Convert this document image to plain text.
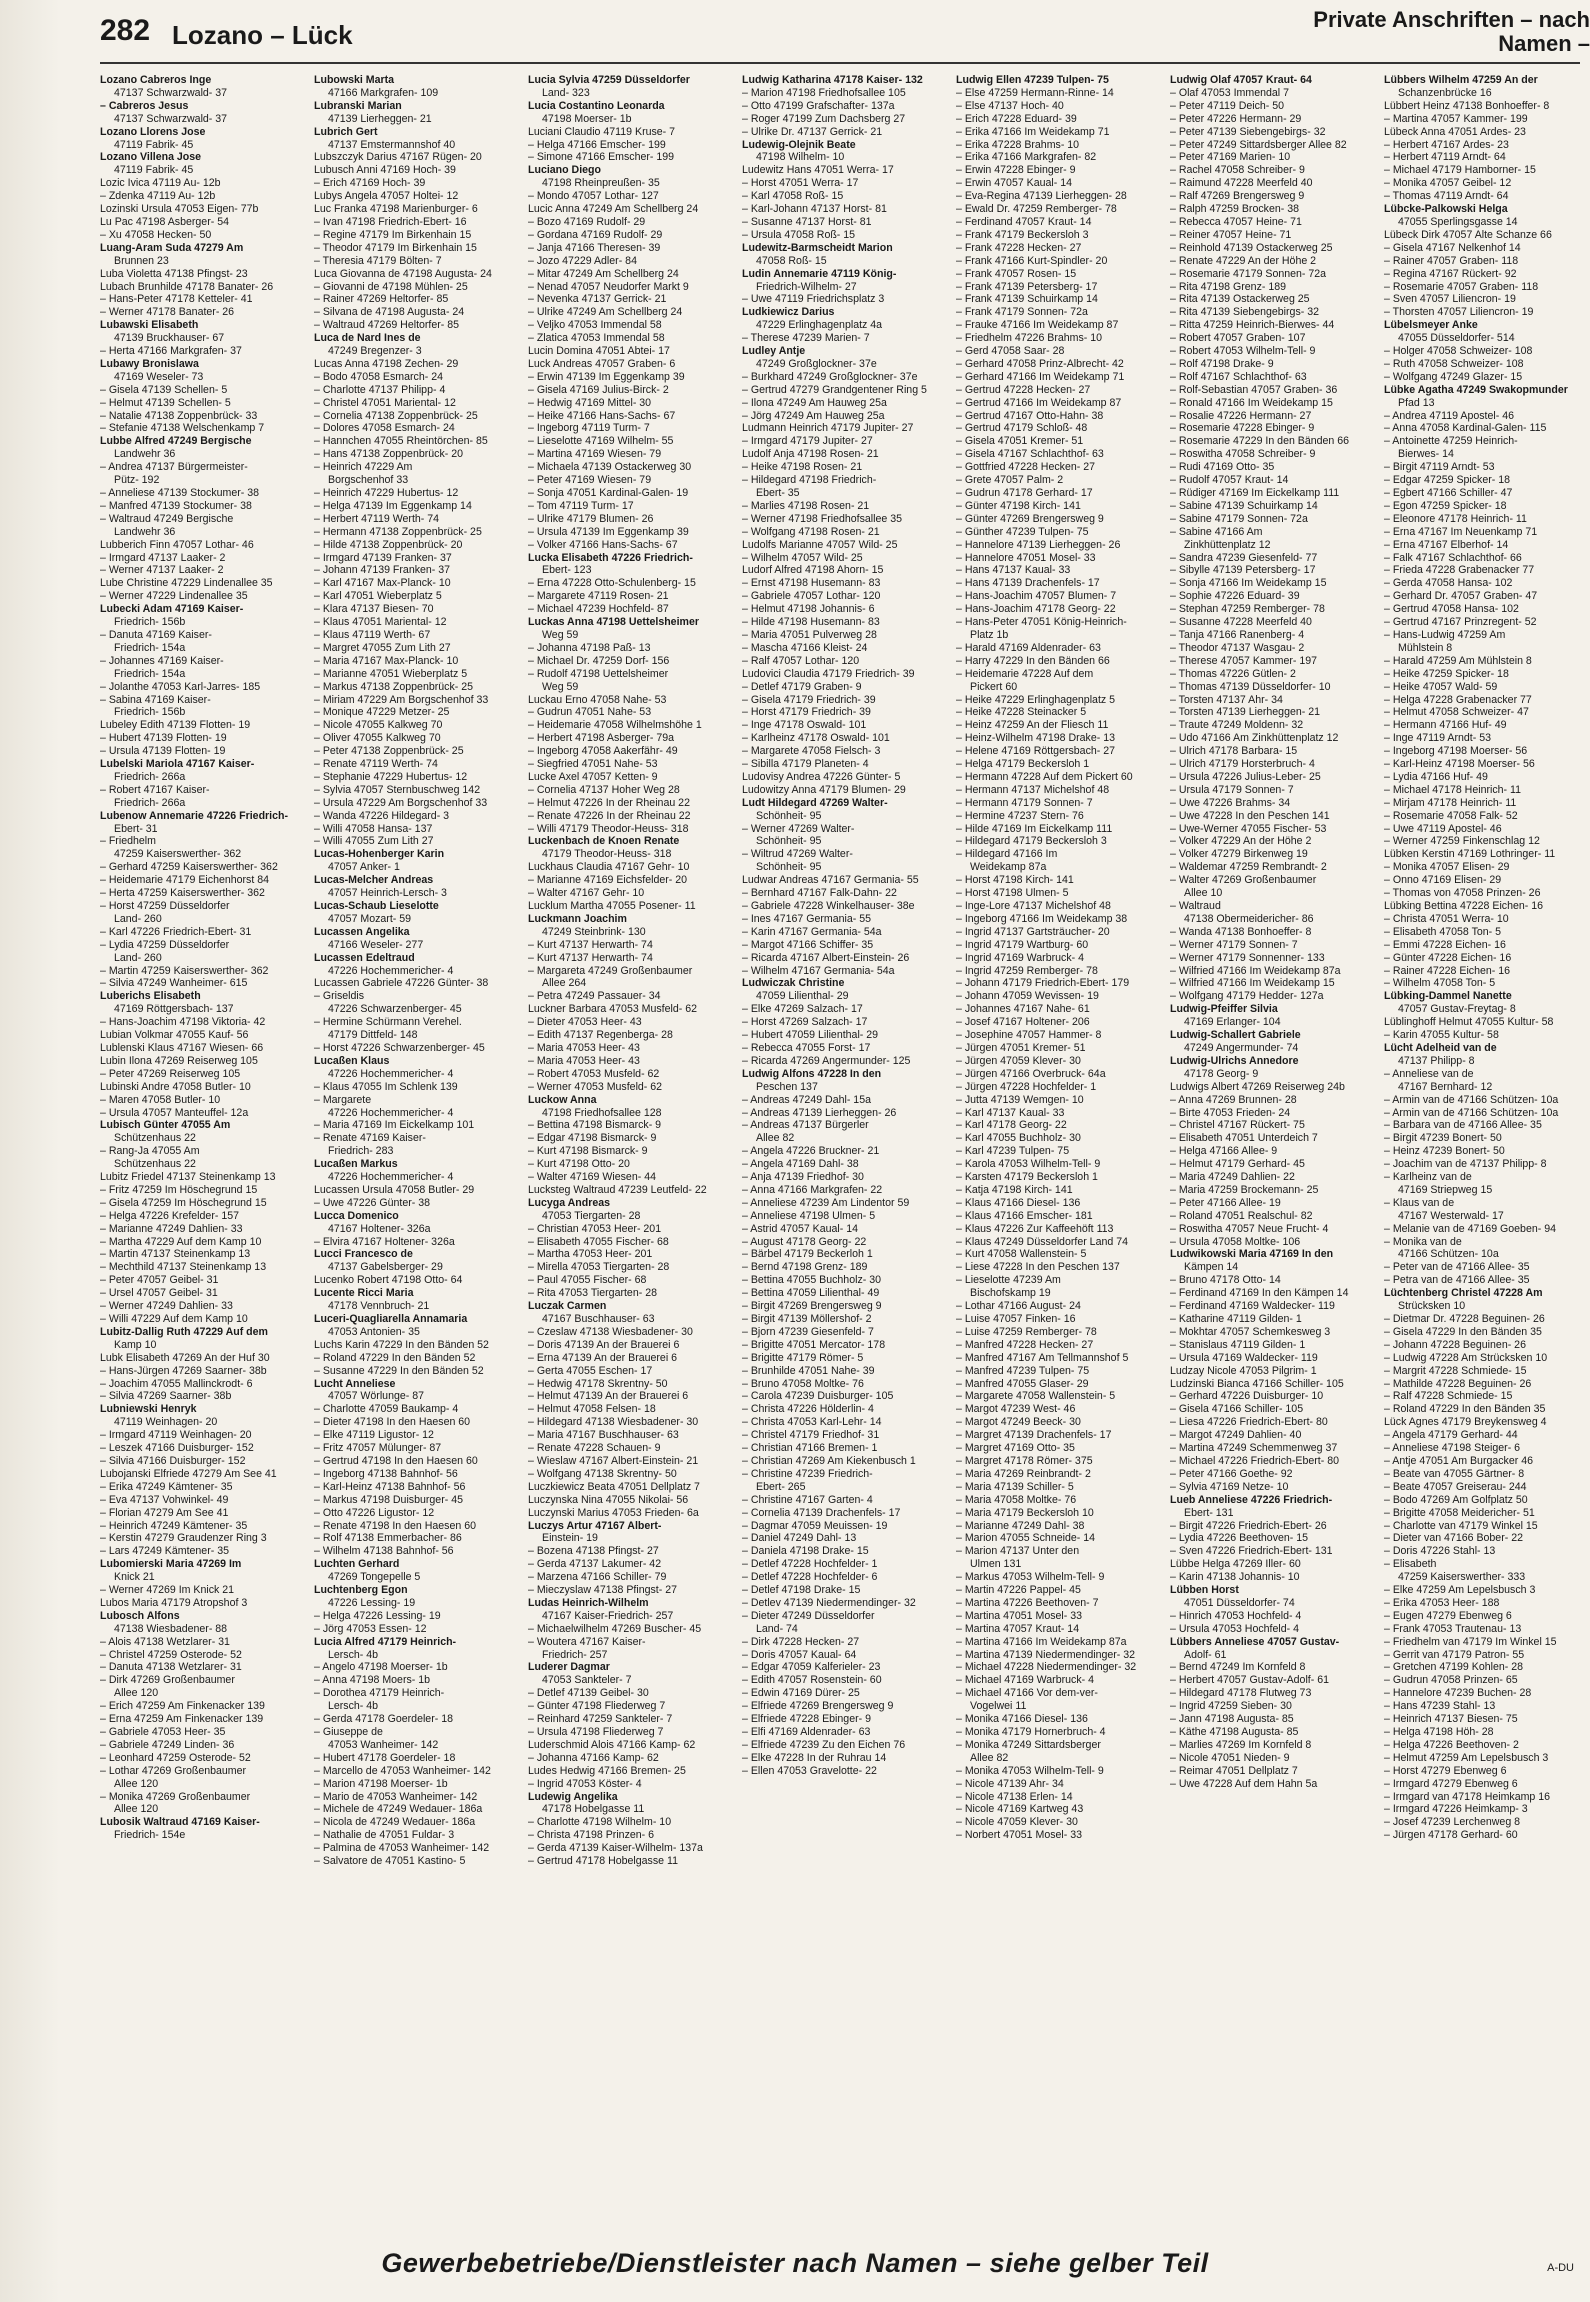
282 Lozano – Lück
Private Anschriften – nach Namen –
Lozano Cabreros Inge
47137 Schwarzwald- 37
– Cabreros Jesus
47137 Schwarzwald- 37
Lozano Llorens Jose
47119 Fabrik- 45
Lozano Villena Jose
47119 Fabrik- 45
Lozic Ivica 47119 Au- 12b
– Zdenka 47119 Au- 12b
Lozinski Ursula 47053 Eigen- 77b
Lu Pac 47198 Asberger- 54
– Xu 47058 Hecken- 50
Luang-Aram Suda 47279 Am
Brunnen 23
Luba Violetta 47138 Pfingst- 23
Lubach Brunhilde 47178 Banater- 26
– Hans-Peter 47178 Ketteler- 41
– Werner 47178 Banater- 26
Lubawski Elisabeth
47139 Bruckhauser- 67
– Herta 47166 Markgrafen- 37
Lubawy Bronislawa
47169 Weseler- 73
– Gisela 47139 Schellen- 5
– Helmut 47139 Schellen- 5
– Natalie 47138 Zoppenbrück- 33
– Stefanie 47138 Welschenkamp 7
Lubbe Alfred 47249 Bergische
Landwehr 36
– Andrea 47137 Bürgermeister-
Pütz- 192
– Anneliese 47139 Stockumer- 38
– Manfred 47139 Stockumer- 38
– Waltraud 47249 Bergische
Landwehr 36
Lubberich Finn 47057 Lothar- 46
– Irmgard 47137 Laaker- 2
– Werner 47137 Laaker- 2
Lube Christine 47229 Lindenallee 35
– Werner 47229 Lindenallee 35
Lubecki Adam 47169 Kaiser-
Friedrich- 156b
– Danuta 47169 Kaiser-
Friedrich- 154a
– Johannes 47169 Kaiser-
Friedrich- 154a
– Jolanthe 47053 Karl-Jarres- 185
– Sabina 47169 Kaiser-
Friedrich- 156b
Lubeley Edith 47139 Flotten- 19
– Hubert 47139 Flotten- 19
– Ursula 47139 Flotten- 19
Lubelski Mariola 47167 Kaiser-
Friedrich- 266a
– Robert 47167 Kaiser-
Friedrich- 266a
Lubenow Annemarie 47226 Friedrich-
Ebert- 31
– Friedhelm
47259 Kaiserswerther- 362
– Gerhard 47259 Kaiserswerther- 362
– Heidemarie 47179 Eichenhorst 84
– Herta 47259 Kaiserswerther- 362
– Horst 47259 Düsseldorfer
Land- 260
– Karl 47226 Friedrich-Ebert- 31
– Lydia 47259 Düsseldorfer
Land- 260
– Martin 47259 Kaiserswerther- 362
– Silvia 47249 Wanheimer- 615
Luberichs Elisabeth
47169 Röttgersbach- 137
– Hans-Joachim 47198 Viktoria- 42
Lubian Volkmar 47055 Kauf- 56
Lublenski Klaus 47167 Wiesen- 66
Lubin Ilona 47269 Reiserweg 105
– Peter 47269 Reiserweg 105
Lubinski Andre 47058 Butler- 10
– Maren 47058 Butler- 10
– Ursula 47057 Manteuffel- 12a
Lubisch Günter 47055 Am
Schützenhaus 22
– Rang-Ja 47055 Am
Schützenhaus 22
Lubitz Friedel 47137 Steinenkamp 13
– Fritz 47259 Im Höschegrund 15
– Gisela 47259 Im Höschegrund 15
– Helga 47226 Krefelder- 157
– Marianne 47249 Dahlien- 33
– Martha 47229 Auf dem Kamp 10
– Martin 47137 Steinenkamp 13
– Mechthild 47137 Steinenkamp 13
– Peter 47057 Geibel- 31
– Ursel 47057 Geibel- 31
– Werner 47249 Dahlien- 33
– Willi 47229 Auf dem Kamp 10
Lubitz-Dallig Ruth 47229 Auf dem
Kamp 10
Lubk Elisabeth 47269 An der Huf 30
– Hans-Jürgen 47269 Saarner- 38b
– Joachim 47055 Mallinckrodt- 6
– Silvia 47269 Saarner- 38b
Lubniewski Henryk
47119 Weinhagen- 20
– Irmgard 47119 Weinhagen- 20
– Leszek 47166 Duisburger- 152
– Silvia 47166 Duisburger- 152
Lubojanski Elfriede 47279 Am See 41
– Erika 47249 Kämtener- 35
– Eva 47137 Vohwinkel- 49
– Florian 47279 Am See 41
– Heinrich 47249 Kämtener- 35
– Kerstin 47279 Graudenzer Ring 3
– Lars 47249 Kämtener- 35
Lubomierski Maria 47269 Im
Knick 21
– Werner 47269 Im Knick 21
Lubos Maria 47179 Atropshof 3
Lubosch Alfons
47138 Wiesbadener- 88
– Alois 47138 Wetzlarer- 31
– Christel 47259 Osterode- 52
– Danuta 47138 Wetzlarer- 31
– Dirk 47269 Großenbaumer
Allee 120
– Erich 47259 Am Finkenacker 139
– Erna 47259 Am Finkenacker 139
– Gabriele 47053 Heer- 35
– Gabriele 47249 Linden- 36
– Leonhard 47259 Osterode- 52
– Lothar 47269 Großenbaumer
Allee 120
– Monika 47269 Großenbaumer
Allee 120
Lubosik Waltraud 47169 Kaiser-
Friedrich- 154e
Lubowski Marta
47166 Markgrafen- 109
Lubranski Marian
47139 Lierheggen- 21
Lubrich Gert
47137 Emstermannshof 40
Lubszczyk Darius 47167 Rügen- 20
Lubusch Anni 47169 Hoch- 39
– Erich 47169 Hoch- 39
Lubys Angela 47057 Holtei- 12
Luc Franka 47198 Marienburger- 6
– Ivan 47198 Friedrich-Ebert- 16
– Regine 47179 Im Birkenhain 15
– Theodor 47179 Im Birkenhain 15
– Theresia 47179 Bölten- 7
Luca Giovanna de 47198 Augusta- 24
– Giovanni de 47198 Mühlen- 25
– Rainer 47269 Heltorfer- 85
– Silvana de 47198 Augusta- 24
– Waltraud 47269 Heltorfer- 85
Luca de Nard Ines de
47249 Bregenzer- 3
Lucas Anna 47198 Zechen- 29
– Bodo 47058 Esmarch- 24
– Charlotte 47137 Philipp- 4
– Christel 47051 Mariental- 12
– Cornelia 47138 Zoppenbrück- 25
– Dolores 47058 Esmarch- 24
– Hannchen 47055 Rheintörchen- 85
– Hans 47138 Zoppenbrück- 20
– Heinrich 47229 Am
Borgschenhof 33
– Heinrich 47229 Hubertus- 12
– Helga 47139 Im Eggenkamp 14
– Herbert 47119 Werth- 74
– Hermann 47138 Zoppenbrück- 25
– Hilde 47138 Zoppenbrück- 20
– Irmgard 47139 Franken- 37
– Johann 47139 Franken- 37
– Karl 47167 Max-Planck- 10
– Karl 47051 Wieberplatz 5
– Klara 47137 Biesen- 70
– Klaus 47051 Mariental- 12
– Klaus 47119 Werth- 67
– Margret 47055 Zum Lith 27
– Maria 47167 Max-Planck- 10
– Marianne 47051 Wieberplatz 5
– Markus 47138 Zoppenbrück- 25
– Miriam 47229 Am Borgschenhof 33
– Monique 47229 Metzer- 25
– Nicole 47055 Kalkweg 70
– Oliver 47055 Kalkweg 70
– Peter 47138 Zoppenbrück- 25
– Renate 47119 Werth- 74
– Stephanie 47229 Hubertus- 12
– Sylvia 47057 Sternbuschweg 142
– Ursula 47229 Am Borgschenhof 33
– Wanda 47226 Hildegard- 3
– Willi 47058 Hansa- 137
– Willi 47055 Zum Lith 27
Lucas-Hohenberger Karin
47057 Anker- 1
Lucas-Melcher Andreas
47057 Heinrich-Lersch- 3
Lucas-Schaub Lieselotte
47057 Mozart- 59
Lucassen Angelika
47166 Weseler- 277
Lucassen Edeltraud
47226 Hochemmericher- 4
Lucassen Gabriele 47226 Günter- 38
– Griseldis
47226 Schwarzenberger- 45
– Hermine Schürmann Verehel.
47179 Dittfeld- 148
– Horst 47226 Schwarzenberger- 45
Lucaßen Klaus
47226 Hochemmericher- 4
– Klaus 47055 Im Schlenk 139
– Margarete
47226 Hochemmericher- 4
– Maria 47169 Im Eickelkamp 101
– Renate 47169 Kaiser-
Friedrich- 283
Lucaßen Markus
47226 Hochemmericher- 4
Lucassen Ursula 47058 Butler- 29
– Uwe 47226 Günter- 38
Lucca Domenico
47167 Holtener- 326a
– Elvira 47167 Holtener- 326a
Lucci Francesco de
47137 Gabelsberger- 29
Lucenko Robert 47198 Otto- 64
Lucente Ricci Maria
47178 Vennbruch- 21
Luceri-Quagliarella Annamaria
47053 Antonien- 35
Luchs Karin 47229 In den Bänden 52
– Roland 47229 In den Bänden 52
– Susanne 47229 In den Bänden 52
Lucht Anneliese
47057 Wörlunge- 87
– Charlotte 47059 Baukamp- 4
– Dieter 47198 In den Haesen 60
– Elke 47119 Ligustor- 12
– Fritz 47057 Mülunger- 87
– Gertrud 47198 In den Haesen 60
– Ingeborg 47138 Bahnhof- 56
– Karl-Heinz 47138 Bahnhof- 56
– Markus 47198 Duisburger- 45
– Otto 47226 Ligustor- 12
– Renate 47198 In den Haesen 60
– Rolf 47138 Emmerbacher- 86
– Wilhelm 47138 Bahnhof- 56
Luchten Gerhard
47269 Tongepelle 5
Luchtenberg Egon
47226 Lessing- 19
– Helga 47226 Lessing- 19
– Jörg 47053 Essen- 12
Lucia Alfred 47179 Heinrich-
Lersch- 4b
– Angelo 47198 Moerser- 1b
– Anna 47198 Moers- 1b
– Dorothea 47179 Heinrich-
Lersch- 4b
– Gerda 47178 Goerdeler- 18
– Giuseppe de
47053 Wanheimer- 142
– Hubert 47178 Goerdeler- 18
– Marcello de 47053 Wanheimer- 142
– Marion 47198 Moerser- 1b
– Mario de 47053 Wanheimer- 142
– Michele de 47249 Wedauer- 186a
– Nicola de 47249 Wedauer- 186a
– Nathalie de 47051 Fuldar- 3
– Palmina de 47053 Wanheimer- 142
– Salvatore de 47051 Kastino- 5
Lucia Sylvia 47259 Düsseldorfer
Land- 323
Lucia Costantino Leonarda
47198 Moerser- 1b
Luciani Claudio 47119 Kruse- 7
– Helga 47166 Emscher- 199
– Simone 47166 Emscher- 199
Luciano Diego
47198 Rheinpreußen- 35
– Mondo 47057 Lothar- 127
Lucic Anna 47249 Am Schellberg 24
– Bozo 47169 Rudolf- 29
– Gordana 47169 Rudolf- 29
– Janja 47166 Theresen- 39
– Jozo 47229 Adler- 84
– Mitar 47249 Am Schellberg 24
– Nenad 47057 Neudorfer Markt 9
– Nevenka 47137 Gerrick- 21
– Ulrike 47249 Am Schellberg 24
– Veljko 47053 Immendal 58
– Zlatica 47053 Immendal 58
Lucin Domina 47051 Abtei- 17
Luck Andreas 47057 Graben- 6
– Erwin 47139 Im Eggenkamp 39
– Gisela 47169 Julius-Birck- 2
– Hedwig 47169 Mittel- 30
– Heike 47166 Hans-Sachs- 67
– Ingeborg 47119 Turm- 7
– Lieselotte 47169 Wilhelm- 55
– Martina 47169 Wiesen- 79
– Michaela 47139 Ostackerweg 30
– Peter 47169 Wiesen- 79
– Sonja 47051 Kardinal-Galen- 19
– Tom 47119 Turm- 17
– Ulrike 47179 Blumen- 26
– Ursula 47139 Im Eggenkamp 39
– Volker 47166 Hans-Sachs- 67
Lucka Elisabeth 47226 Friedrich-
Ebert- 123
– Erna 47228 Otto-Schulenberg- 15
– Margarete 47119 Rosen- 21
– Michael 47239 Hochfeld- 87
Luckas Anna 47198 Uettelsheimer
Weg 59
– Johanna 47198 Paß- 13
– Michael Dr. 47259 Dorf- 156
– Rudolf 47198 Uettelsheimer
Weg 59
Luckau Erno 47058 Nahe- 53
– Gudrun 47051 Nahe- 53
– Heidemarie 47058 Wilhelmshöhe 1
– Herbert 47198 Asberger- 79a
– Ingeborg 47058 Aakerfähr- 49
– Siegfried 47051 Nahe- 53
Lucke Axel 47057 Ketten- 9
– Cornelia 47137 Hoher Weg 28
– Helmut 47226 In der Rheinau 22
– Renate 47226 In der Rheinau 22
– Willi 47179 Theodor-Heuss- 318
Luckenbach de Knoen Renate
47179 Theodor-Heuss- 318
Luckhaus Claudia 47167 Gehr- 10
– Marianne 47169 Eichsfelder- 20
– Walter 47167 Gehr- 10
Lucklum Martha 47055 Posener- 11
Luckmann Joachim
47249 Steinbrink- 130
– Kurt 47137 Herwarth- 74
– Kurt 47137 Herwarth- 74
– Margareta 47249 Großenbaumer
Allee 264
– Petra 47249 Passauer- 34
Luckner Barbara 47053 Musfeld- 62
– Dieter 47053 Heer- 43
– Edith 47137 Regenberga- 28
– Maria 47053 Heer- 43
– Maria 47053 Heer- 43
– Robert 47053 Musfeld- 62
– Werner 47053 Musfeld- 62
Luckow Anna
47198 Friedhofsallee 128
– Bettina 47198 Bismarck- 9
– Edgar 47198 Bismarck- 9
– Kurt 47198 Bismarck- 9
– Kurt 47198 Otto- 20
– Walter 47169 Wiesen- 44
Lucksteg Waltraud 47239 Leutfeld- 22
Lucyga Andreas
47053 Tiergarten- 28
– Christian 47053 Heer- 201
– Elisabeth 47055 Fischer- 68
– Martha 47053 Heer- 201
– Mirella 47053 Tiergarten- 28
– Paul 47055 Fischer- 68
– Rita 47053 Tiergarten- 28
Luczak Carmen
47167 Buschhauser- 63
– Czeslaw 47138 Wiesbadener- 30
– Doris 47139 An der Brauerei 6
– Erna 47139 An der Brauerei 6
– Gerta 47055 Eschen- 17
– Hedwig 47178 Skrentny- 50
– Helmut 47139 An der Brauerei 6
– Helmut 47058 Felsen- 18
– Hildegard 47138 Wiesbadener- 30
– Maria 47167 Buschhauser- 63
– Renate 47228 Schauen- 9
– Wieslaw 47167 Albert-Einstein- 21
– Wolfgang 47138 Skrentny- 50
Luczkiewicz Beata 47051 Dellplatz 7
Luczynska Nina 47055 Nikolai- 56
Luczynski Marius 47053 Frieden- 6a
Luczys Artur 47167 Albert-
Einstein- 19
– Bozena 47138 Pfingst- 27
– Gerda 47137 Lakumer- 42
– Marzena 47166 Schiller- 79
– Mieczyslaw 47138 Pfingst- 27
Ludas Heinrich-Wilhelm
47167 Kaiser-Friedrich- 257
– Michaelwilhelm 47269 Buscher- 45
– Woutera 47167 Kaiser-
Friedrich- 257
Luderer Dagmar
47053 Sankteler- 7
– Detlef 47139 Geibel- 30
– Günter 47198 Fliederweg 7
– Reinhard 47259 Sankteler- 7
– Ursula 47198 Fliederweg 7
Luderschmid Alois 47166 Kamp- 62
– Johanna 47166 Kamp- 62
Ludes Hedwig 47166 Bremen- 25
– Ingrid 47053 Köster- 4
Ludewig Angelika
47178 Hobelgasse 11
– Charlotte 47198 Wilhelm- 10
– Christa 47198 Prinzen- 6
– Gerda 47139 Kaiser-Wilhelm- 137a
– Gertrud 47178 Hobelgasse 11
Ludwig Katharina 47178 Kaiser- 132
– Marion 47198 Friedhofsallee 105
– Otto 47199 Grafschafter- 137a
– Roger 47199 Zum Dachsberg 27
– Ulrike Dr. 47137 Gerrick- 21
Ludewig-Olejnik Beate
47198 Wilhelm- 10
Ludewitz Hans 47051 Werra- 17
– Horst 47051 Werra- 17
– Karl 47058 Roß- 15
– Karl-Johann 47137 Horst- 81
– Susanne 47137 Horst- 81
– Ursula 47058 Roß- 15
Ludewitz-Barmscheidt Marion
47058 Roß- 15
Ludin Annemarie 47119 König-
Friedrich-Wilhelm- 27
– Uwe 47119 Friedrichsplatz 3
Ludkiewicz Darius
47229 Erlinghagenplatz 4a
– Therese 47239 Marien- 7
Ludley Antje
47249 Großglockner- 37e
– Burkhard 47249 Großglockner- 37e
– Gertrud 47279 Grandgentener Ring 5
– Ilona 47249 Am Hauweg 25a
– Jörg 47249 Am Hauweg 25a
Ludmann Heinrich 47179 Jupiter- 27
– Irmgard 47179 Jupiter- 27
Ludolf Anja 47198 Rosen- 21
– Heike 47198 Rosen- 21
– Hildegard 47198 Friedrich-
Ebert- 35
– Marlies 47198 Rosen- 21
– Werner 47198 Friedhofsallee 35
– Wolfgang 47198 Rosen- 21
Ludolfs Marianne 47057 Wild- 25
– Wilhelm 47057 Wild- 25
Ludorf Alfred 47198 Ahorn- 15
– Ernst 47198 Husemann- 83
– Gabriele 47057 Lothar- 120
– Helmut 47198 Johannis- 6
– Hilde 47198 Husemann- 83
– Maria 47051 Pulverweg 28
– Mascha 47166 Kleist- 24
– Ralf 47057 Lothar- 120
Ludovici Claudia 47179 Friedrich- 39
– Detlef 47179 Graben- 9
– Gisela 47179 Friedrich- 39
– Horst 47179 Friedrich- 39
– Inge 47178 Oswald- 101
– Karlheinz 47178 Oswald- 101
– Margarete 47058 Fielsch- 3
– Sibilla 47179 Planeten- 4
Ludovisy Andrea 47226 Günter- 5
Ludowitzy Anna 47179 Blumen- 29
Ludt Hildegard 47269 Walter-
Schönheit- 95
– Werner 47269 Walter-
Schönheit- 95
– Wiltrud 47269 Walter-
Schönheit- 95
Ludwar Andreas 47167 Germania- 55
– Bernhard 47167 Falk-Dahn- 22
– Gabriele 47228 Winkelhauser- 38e
– Ines 47167 Germania- 55
– Karin 47167 Germania- 54a
– Margot 47166 Schiffer- 35
– Ricarda 47167 Albert-Einstein- 26
– Wilhelm 47167 Germania- 54a
Ludwiczak Christine
47059 Lilienthal- 29
– Elke 47269 Salzach- 17
– Horst 47269 Salzach- 17
– Hubert 47059 Lilienthal- 29
– Rebecca 47055 Forst- 17
– Ricarda 47269 Angermunder- 125
Ludwig Alfons 47228 In den
Peschen 137
– Andreas 47249 Dahl- 15a
– Andreas 47139 Lierheggen- 26
– Andreas 47137 Bürgerler
Allee 82
– Angela 47226 Bruckner- 21
– Angela 47169 Dahl- 38
– Anja 47139 Friedhof- 30
– Anna 47166 Markgrafen- 22
– Anneliese 47239 Am Lindentor 59
– Anneliese 47198 Ulmen- 5
– Astrid 47057 Kaual- 14
– August 47178 Georg- 22
– Bärbel 47179 Beckerloh 1
– Bernd 47198 Grenz- 189
– Bettina 47055 Buchholz- 30
– Bettina 47059 Lilienthal- 49
– Birgit 47269 Brengersweg 9
– Birgit 47139 Möllershof- 2
– Bjorn 47239 Giesenfeld- 7
– Brigitte 47051 Mercator- 178
– Brigitte 47179 Römer- 5
– Brunhilde 47051 Nahe- 39
– Bruno 47058 Moltke- 76
– Carola 47239 Duisburger- 105
– Christa 47226 Hölderlin- 4
– Christa 47053 Karl-Lehr- 14
– Christel 47179 Friedhof- 31
– Christian 47166 Bremen- 1
– Christian 47269 Am Kiekenbusch 1
– Christine 47239 Friedrich-
Ebert- 265
– Christine 47167 Garten- 4
– Cornelia 47139 Drachenfels- 17
– Dagmar 47059 Meuissen- 19
– Daniel 47249 Dahl- 13
– Daniela 47198 Drake- 15
– Detlef 47228 Hochfelder- 1
– Detlef 47228 Hochfelder- 6
– Detlef 47198 Drake- 15
– Detlev 47139 Niedermendinger- 32
– Dieter 47249 Düsseldorfer
Land- 74
– Dirk 47228 Hecken- 27
– Doris 47057 Kaual- 64
– Edgar 47059 Kalferieler- 23
– Edith 47057 Rosenstein- 60
– Edwin 47169 Dürer- 25
– Elfriede 47269 Brengersweg 9
– Elfriede 47228 Ebinger- 9
– Elfi 47169 Aldenrader- 63
– Elfriede 47239 Zu den Eichen 76
– Elke 47228 In der Ruhrau 14
– Ellen 47053 Gravelotte- 22
Ludwig Ellen 47239 Tulpen- 75
– Else 47259 Hermann-Rinne- 14
– Else 47137 Hoch- 40
– Erich 47228 Eduard- 39
– Erika 47166 Im Weidekamp 71
– Erika 47228 Brahms- 10
– Erika 47166 Markgrafen- 82
– Erwin 47228 Ebinger- 9
– Erwin 47057 Kaual- 14
– Eva-Regina 47139 Lierheggen- 28
– Ewald Dr. 47259 Remberger- 78
– Ferdinand 47057 Kraut- 14
– Frank 47179 Beckersloh 3
– Frank 47228 Hecken- 27
– Frank 47166 Kurt-Spindler- 20
– Frank 47057 Rosen- 15
– Frank 47139 Petersberg- 17
– Frank 47139 Schuirkamp 14
– Frank 47179 Sonnen- 72a
– Frauke 47166 Im Weidekamp 87
– Friedhelm 47226 Brahms- 10
– Gerd 47058 Saar- 28
– Gerhard 47058 Prinz-Albrecht- 42
– Gerhard 47166 Im Weidekamp 71
– Gertrud 47228 Hecken- 27
– Gertrud 47166 Im Weidekamp 87
– Gertrud 47167 Otto-Hahn- 38
– Gertrud 47179 Schloß- 48
– Gisela 47051 Kremer- 51
– Gisela 47167 Schlachthof- 63
– Gottfried 47228 Hecken- 27
– Grete 47057 Palm- 2
– Gudrun 47178 Gerhard- 17
– Günter 47198 Kirch- 141
– Günter 47269 Brengersweg 9
– Günther 47239 Tulpen- 75
– Hannelore 47139 Lierheggen- 26
– Hannelore 47051 Mosel- 33
– Hans 47137 Kaual- 33
– Hans 47139 Drachenfels- 17
– Hans-Joachim 47057 Blumen- 7
– Hans-Joachim 47178 Georg- 22
– Hans-Peter 47051 König-Heinrich-
Platz 1b
– Harald 47169 Aldenrader- 63
– Harry 47229 In den Bänden 66
– Heidemarie 47228 Auf dem
Pickert 60
– Heike 47229 Erlinghagenplatz 5
– Heike 47228 Steinacker 5
– Heinz 47259 An der Fliesch 11
– Heinz-Wilhelm 47198 Drake- 13
– Helene 47169 Röttgersbach- 27
– Helga 47179 Beckersloh 1
– Hermann 47228 Auf dem Pickert 60
– Hermann 47137 Michelshof 48
– Hermann 47179 Sonnen- 7
– Hermine 47237 Stern- 76
– Hilde 47169 Im Eickelkamp 111
– Hildegard 47179 Beckersloh 3
– Hildegard 47166 Im
Weidekamp 87a
– Horst 47198 Kirch- 141
– Horst 47198 Ulmen- 5
– Inge-Lore 47137 Michelshof 48
– Ingeborg 47166 Im Weidekamp 38
– Ingrid 47137 Gartsträucher- 20
– Ingrid 47179 Wartburg- 60
– Ingrid 47169 Warbruck- 4
– Ingrid 47259 Remberger- 78
– Johann 47179 Friedrich-Ebert- 179
– Johann 47059 Wevissen- 19
– Johannes 47167 Nahe- 61
– Josef 47167 Holtener- 206
– Josephine 47057 Hammer- 8
– Jürgen 47051 Kremer- 51
– Jürgen 47059 Klever- 30
– Jürgen 47166 Overbruck- 64a
– Jürgen 47228 Hochfelder- 1
– Jutta 47139 Wemgen- 10
– Karl 47137 Kaual- 33
– Karl 47178 Georg- 22
– Karl 47055 Buchholz- 30
– Karl 47239 Tulpen- 75
– Karola 47053 Wilhelm-Tell- 9
– Karsten 47179 Beckersloh 1
– Katja 47198 Kirch- 141
– Klaus 47166 Diesel- 136
– Klaus 47166 Emscher- 181
– Klaus 47226 Zur Kaffeehöft 113
– Klaus 47249 Düsseldorfer Land 74
– Kurt 47058 Wallenstein- 5
– Liese 47228 In den Peschen 137
– Lieselotte 47239 Am
Bischofskamp 19
– Lothar 47166 August- 24
– Luise 47057 Finken- 16
– Luise 47259 Remberger- 78
– Manfred 47228 Hecken- 27
– Manfred 47167 Am Tellmannshof 5
– Manfred 47239 Tulpen- 75
– Manfred 47055 Glaser- 29
– Margarete 47058 Wallenstein- 5
– Margot 47239 West- 46
– Margot 47249 Beeck- 30
– Margret 47139 Drachenfels- 17
– Margret 47169 Otto- 35
– Margret 47178 Römer- 375
– Maria 47269 Reinbrandt- 2
– Maria 47139 Schiller- 5
– Maria 47058 Moltke- 76
– Maria 47179 Beckersloh 10
– Marianne 47249 Dahl- 38
– Marion 47055 Schneide- 14
– Marion 47137 Unter den
Ulmen 131
– Markus 47053 Wilhelm-Tell- 9
– Martin 47226 Pappel- 45
– Martina 47226 Beethoven- 7
– Martina 47051 Mosel- 33
– Martina 47057 Kraut- 14
– Martina 47166 Im Weidekamp 87a
– Martina 47139 Niedermendinger- 32
– Michael 47228 Niedermendinger- 32
– Michael 47169 Warbruck- 4
– Michael 47166 Vor dem-ver-
Vogelwei 11
– Monika 47166 Diesel- 136
– Monika 47179 Hornerbruch- 4
– Monika 47249 Sittardsberger
Allee 82
– Monika 47053 Wilhelm-Tell- 9
– Nicole 47139 Ahr- 34
– Nicole 47138 Erlen- 14
– Nicole 47169 Kartweg 43
– Nicole 47059 Klever- 30
– Norbert 47051 Mosel- 33
Ludwig Olaf 47057 Kraut- 64
– Olaf 47053 Immendal 7
– Peter 47119 Deich- 50
– Peter 47226 Hermann- 29
– Peter 47139 Siebengebirgs- 32
– Peter 47249 Sittardsberger Allee 82
– Peter 47169 Marien- 10
– Rachel 47058 Schreiber- 9
– Raimund 47228 Meerfeld 40
– Ralf 47269 Brengersweg 9
– Ralph 47259 Brocken- 38
– Rebecca 47057 Heine- 71
– Reiner 47057 Heine- 71
– Reinhold 47139 Ostackerweg 25
– Renate 47229 An der Höhe 2
– Rosemarie 47179 Sonnen- 72a
– Rita 47198 Grenz- 189
– Rita 47139 Ostackerweg 25
– Rita 47139 Siebengebirgs- 32
– Ritta 47259 Heinrich-Bierwes- 44
– Robert 47057 Graben- 107
– Robert 47053 Wilhelm-Tell- 9
– Rolf 47198 Drake- 9
– Rolf 47167 Schlachthof- 63
– Rolf-Sebastian 47057 Graben- 36
– Ronald 47166 Im Weidekamp 15
– Rosalie 47226 Hermann- 27
– Rosemarie 47228 Ebinger- 9
– Rosemarie 47229 In den Bänden 66
– Roswitha 47058 Schreiber- 9
– Rudi 47169 Otto- 35
– Rudolf 47057 Kraut- 14
– Rüdiger 47169 Im Eickelkamp 111
– Sabine 47139 Schuirkamp 14
– Sabine 47179 Sonnen- 72a
– Sabine 47166 Am
Zinkhüttenplatz 12
– Sandra 47239 Giesenfeld- 77
– Sibylle 47139 Petersberg- 17
– Sonja 47166 Im Weidekamp 15
– Sophie 47226 Eduard- 39
– Stephan 47259 Remberger- 78
– Susanne 47228 Meerfeld 40
– Tanja 47166 Ranenberg- 4
– Theodor 47137 Wasgau- 2
– Therese 47057 Kammer- 197
– Thomas 47226 Gütlen- 2
– Thomas 47139 Düsseldorfer- 10
– Torsten 47137 Ahr- 34
– Torsten 47139 Lierheggen- 21
– Traute 47249 Moldenn- 32
– Udo 47166 Am Zinkhüttenplatz 12
– Ulrich 47178 Barbara- 15
– Ulrich 47179 Horsterbruch- 4
– Ursula 47226 Julius-Leber- 25
– Ursula 47179 Sonnen- 7
– Uwe 47226 Brahms- 34
– Uwe 47228 In den Peschen 141
– Uwe-Werner 47055 Fischer- 53
– Volker 47229 An der Höhe 2
– Volker 47279 Birkenweg 19
– Waldemar 47259 Rembrandt- 2
– Walter 47269 Großenbaumer
Allee 10
– Waltraud
47138 Obermeidericher- 86
– Wanda 47138 Bonhoeffer- 8
– Werner 47179 Sonnen- 7
– Werner 47179 Sonnenner- 133
– Wilfried 47166 Im Weidekamp 87a
– Wilfried 47166 Im Weidekamp 15
– Wolfgang 47179 Hedder- 127a
Ludwig-Pfeiffer Silvia
47169 Erlanger- 104
Ludwig-Schallert Gabriele
47249 Angermunder- 74
Ludwig-Ulrichs Annedore
47178 Georg- 9
Ludwigs Albert 47269 Reiserweg 24b
– Anna 47269 Brunnen- 28
– Birte 47053 Frieden- 24
– Christel 47167 Rückert- 75
– Elisabeth 47051 Unterdeich 7
– Helga 47166 Allee- 9
– Helmut 47179 Gerhard- 45
– Maria 47249 Dahlien- 22
– Maria 47259 Brockemann- 25
– Peter 47166 Allee- 19
– Roland 47051 Realschul- 82
– Roswitha 47057 Neue Frucht- 4
– Ursula 47058 Moltke- 106
Ludwikowski Maria 47169 In den
Kämpen 14
– Bruno 47178 Otto- 14
– Ferdinand 47169 In den Kämpen 14
– Ferdinand 47169 Waldecker- 119
– Katharine 47119 Gilden- 1
– Mokhtar 47057 Schemkesweg 3
– Stanislaus 47119 Gilden- 1
– Ursula 47169 Waldecker- 119
Ludzay Nicole 47053 Pilgrim- 1
Ludzinski Bianca 47166 Schiller- 105
– Gerhard 47226 Duisburger- 10
– Gisela 47166 Schiller- 105
– Liesa 47226 Friedrich-Ebert- 80
– Margot 47249 Dahlien- 40
– Martina 47249 Schemmenweg 37
– Michael 47226 Friedrich-Ebert- 80
– Peter 47166 Goethe- 92
– Sylvia 47169 Netze- 10
Lueb Anneliese 47226 Friedrich-
Ebert- 131
– Birgit 47226 Friedrich-Ebert- 26
– Lydia 47226 Beethoven- 15
– Sven 47226 Friedrich-Ebert- 131
Lübbe Helga 47269 Iller- 60
– Karin 47138 Johannis- 10
Lübben Horst
47051 Düsseldorfer- 74
– Hinrich 47053 Hochfeld- 4
– Ursula 47053 Hochfeld- 4
Lübbers Anneliese 47057 Gustav-
Adolf- 61
– Bernd 47249 Im Kornfeld 8
– Herbert 47057 Gustav-Adolf- 61
– Hildegard 47178 Flutweg 73
– Ingrid 47259 Sieben- 30
– Jann 47198 Augusta- 85
– Käthe 47198 Augusta- 85
– Marlies 47269 Im Kornfeld 8
– Nicole 47051 Nieden- 9
– Reimar 47051 Dellplatz 7
– Uwe 47228 Auf dem Hahn 5a
Lübbers Wilhelm 47259 An der
Schanzenbrücke 16
Lübbert Heinz 47138 Bonhoeffer- 8
– Martina 47057 Kammer- 199
Lübeck Anna 47051 Ardes- 23
– Herbert 47167 Ardes- 23
– Herbert 47119 Arndt- 64
– Michael 47179 Hamborner- 15
– Monika 47057 Geibel- 12
– Thomas 47119 Arndt- 64
Lübcke-Palkowski Helga
47055 Sperlingsgasse 14
Lübeck Dirk 47057 Alte Schanze 66
– Gisela 47167 Nelkenhof 14
– Rainer 47057 Graben- 118
– Regina 47167 Rückert- 92
– Rosemarie 47057 Graben- 118
– Sven 47057 Liliencron- 19
– Thorsten 47057 Liliencron- 19
Lübelsmeyer Anke
47055 Düsseldorfer- 514
– Holger 47058 Schweizer- 108
– Ruth 47058 Schweizer- 108
– Wolfgang 47249 Glazer- 15
Lübke Agatha 47249 Swakopmunder
Pfad 13
– Andrea 47119 Apostel- 46
– Anna 47058 Kardinal-Galen- 115
– Antoinette 47259 Heinrich-
Bierwes- 14
– Birgit 47119 Arndt- 53
– Edgar 47259 Spicker- 18
– Egbert 47166 Schiller- 47
– Egon 47259 Spicker- 18
– Eleonore 47178 Heinrich- 11
– Erna 47167 Im Neuenkamp 71
– Erna 47167 Elberhof- 14
– Falk 47167 Schlachthof- 66
– Frieda 47228 Grabenacker 77
– Gerda 47058 Hansa- 102
– Gerhard Dr. 47057 Graben- 47
– Gertrud 47058 Hansa- 102
– Gertrud 47167 Prinzregent- 52
– Hans-Ludwig 47259 Am
Mühlstein 8
– Harald 47259 Am Mühlstein 8
– Heike 47259 Spicker- 18
– Heike 47057 Wald- 59
– Helga 47228 Grabenacker 77
– Helmut 47058 Schweizer- 47
– Hermann 47166 Huf- 49
– Inge 47119 Arndt- 53
– Ingeborg 47198 Moerser- 56
– Karl-Heinz 47198 Moerser- 56
– Lydia 47166 Huf- 49
– Michael 47178 Heinrich- 11
– Mirjam 47178 Heinrich- 11
– Rosemarie 47058 Falk- 52
– Uwe 47119 Apostel- 46
– Werner 47259 Finkenschlag 12
Lübken Kerstin 47169 Lothringer- 11
– Monika 47057 Elisen- 29
– Onno 47169 Elisen- 29
– Thomas von 47058 Prinzen- 26
Lübking Bettina 47228 Eichen- 16
– Christa 47051 Werra- 10
– Elisabeth 47058 Ton- 5
– Emmi 47228 Eichen- 16
– Günter 47228 Eichen- 16
– Rainer 47228 Eichen- 16
– Wilhelm 47058 Ton- 5
Lübking-Dammel Nanette
47057 Gustav-Freytag- 8
Lüblinghoff Helmut 47055 Kultur- 58
– Karin 47055 Kultur- 58
Lücht Adelheid van de
47137 Philipp- 8
– Anneliese van de
47167 Bernhard- 12
– Armin van de 47166 Schützen- 10a
– Armin van de 47166 Schützen- 10a
– Barbara van de 47166 Allee- 35
– Birgit 47239 Bonert- 50
– Heinz 47239 Bonert- 50
– Joachim van de 47137 Philipp- 8
– Karlheinz van de
47169 Striepweg 15
– Klaus van de
47167 Westerwald- 17
– Melanie van de 47169 Goeben- 94
– Monika van de
47166 Schützen- 10a
– Peter van de 47166 Allee- 35
– Petra van de 47166 Allee- 35
Lüchtenberg Christel 47228 Am
Strücksken 10
– Dietmar Dr. 47228 Beguinen- 26
– Gisela 47229 In den Bänden 35
– Johann 47228 Beguinen- 26
– Ludwig 47228 Am Strücksken 10
– Margrit 47228 Schmiede- 15
– Mathilde 47228 Beguinen- 26
– Ralf 47228 Schmiede- 15
– Roland 47229 In den Bänden 35
Lück Agnes 47179 Breykensweg 4
– Angela 47179 Gerhard- 44
– Anneliese 47198 Steiger- 6
– Antje 47051 Am Burgacker 46
– Beate van 47055 Gärtner- 8
– Beate 47057 Greiserau- 244
– Bodo 47269 Am Golfplatz 50
– Brigitte 47058 Meidericher- 51
– Charlotte van 47179 Winkel 15
– Dieter van 47166 Bober- 22
– Doris 47226 Stahl- 13
– Elisabeth
47259 Kaiserswerther- 333
– Elke 47259 Am Lepelsbusch 3
– Erika 47053 Heer- 188
– Eugen 47279 Ebenweg 6
– Frank 47053 Trautenau- 13
– Friedhelm van 47179 Im Winkel 15
– Gerrit van 47179 Patron- 55
– Gretchen 47199 Kohlen- 28
– Gudrun 47058 Prinzen- 65
– Hannelore 47239 Buchen- 28
– Hans 47239 Stahl- 13
– Heinrich 47137 Biesen- 75
– Helga 47198 Höh- 28
– Helga 47226 Beethoven- 2
– Helmut 47259 Am Lepelsbusch 3
– Horst 47279 Ebenweg 6
– Irmgard 47279 Ebenweg 6
– Irmgard van 47178 Heimkamp 16
– Irmgard 47226 Heimkamp- 3
– Josef 47239 Lerchenweg 8
– Jürgen 47178 Gerhard- 60
Gewerbebetriebe/Dienstleister nach Namen – siehe gelber Teil	A-DU
